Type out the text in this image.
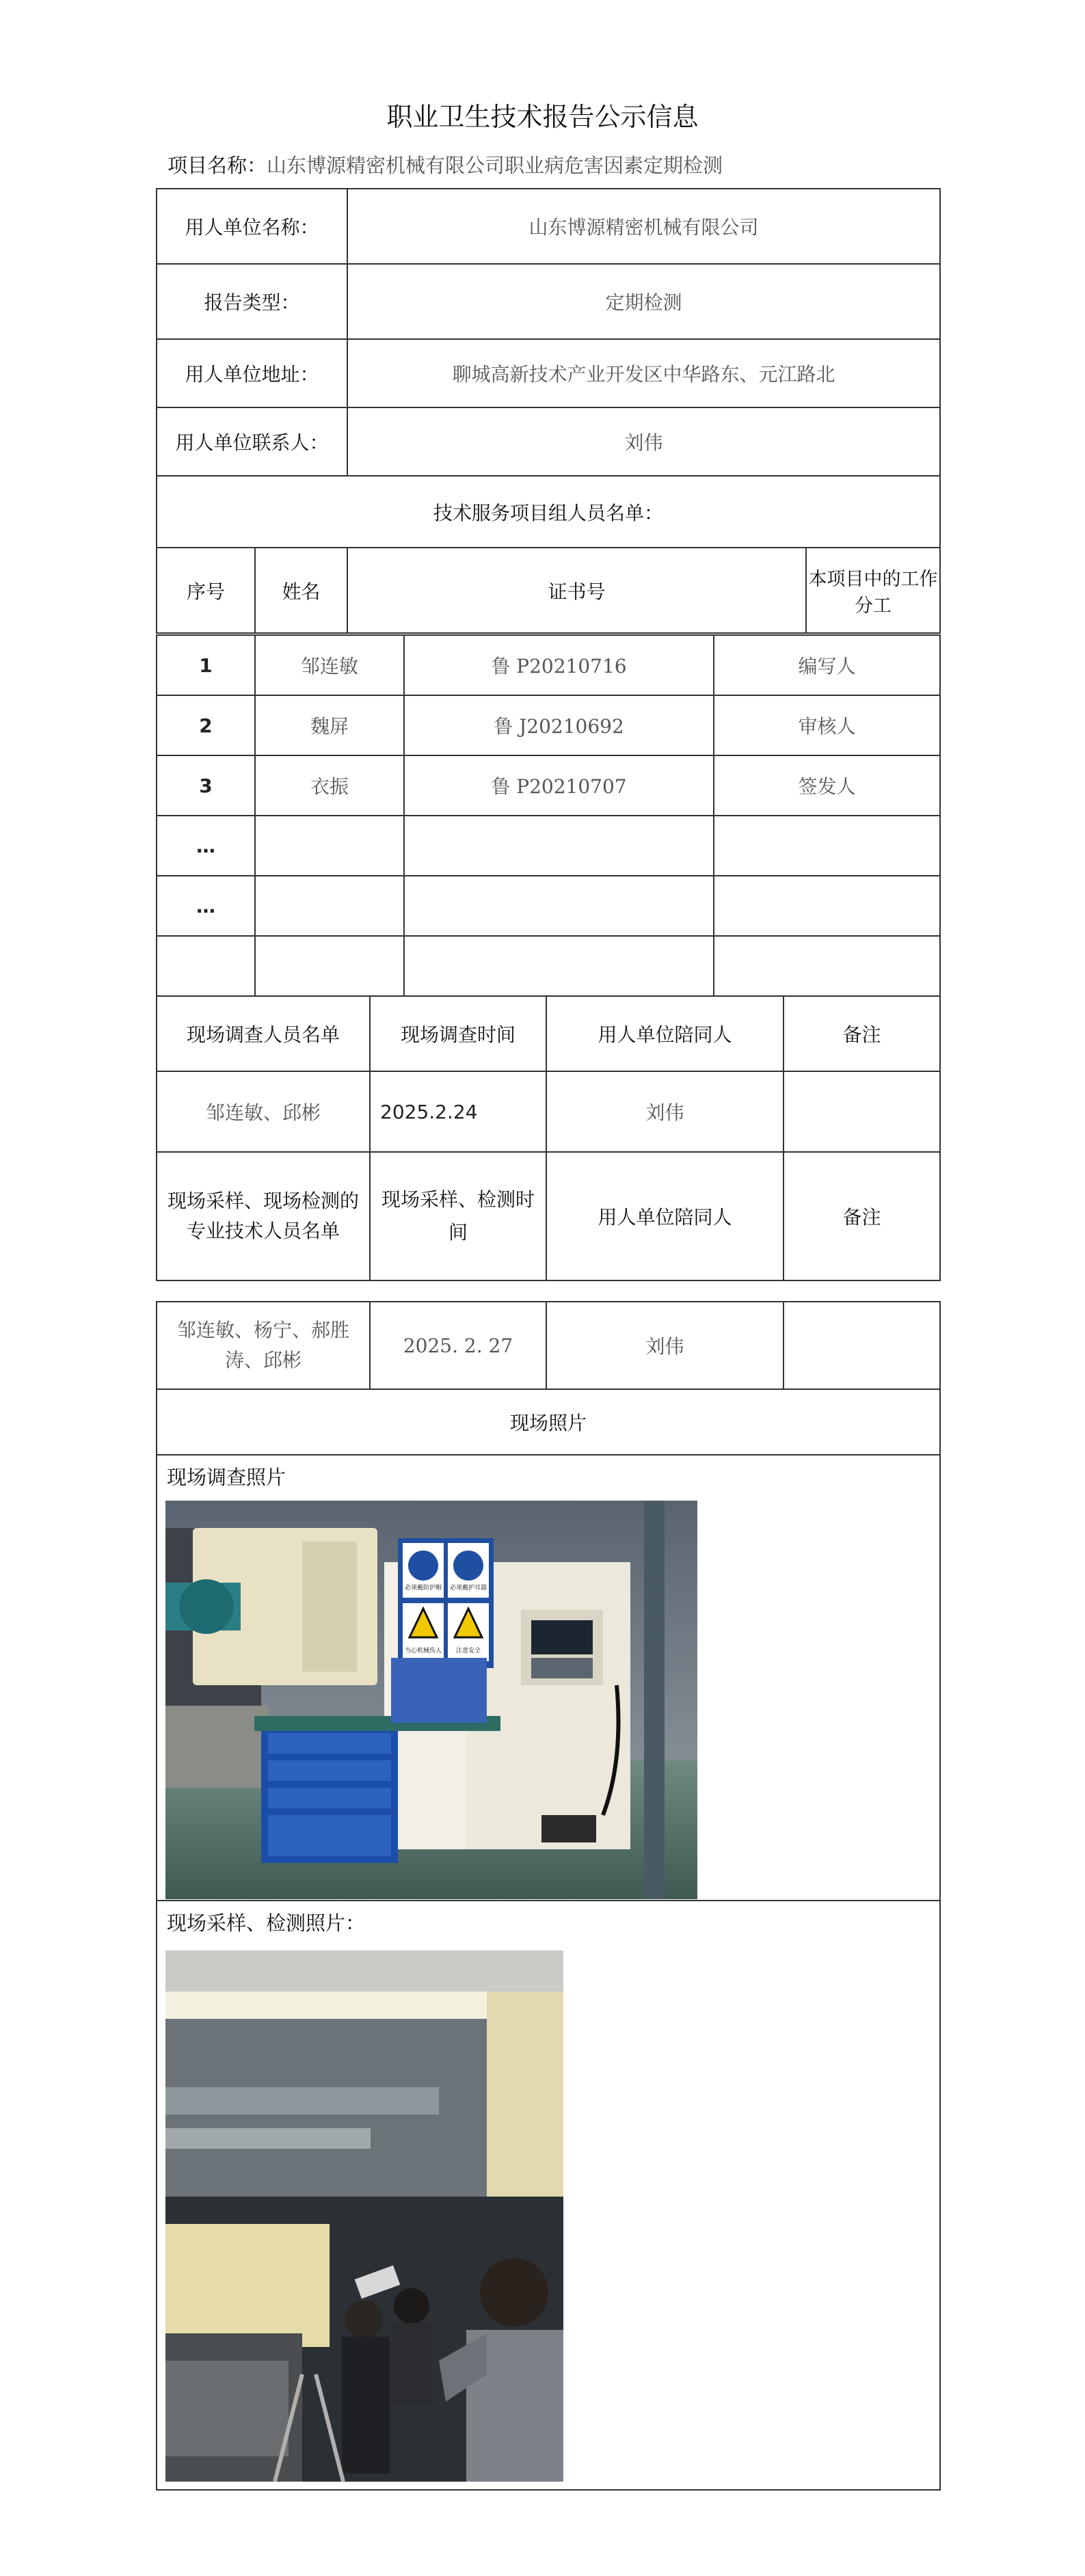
职业卫生技术报告公示信息
项目名称：山东博源精密机械有限公司职业病危害因素定期检测
用人单位名称：		山东博源精密机械有限公司	
报告类型：		定期检测	
用人单位地址：		聊城高新技术产业开发区中华路东、元江路北	
用人单位联系人：		刘伟	
技术服务项目组人员名单：			
序号	姓名	证书号	本项目中的工作分工
1	邹连敏	鲁 P20210716	编写人
2	魏屏	鲁 J20210692	审核人
3	衣振	鲁 P20210707	签发人
…			
…			

现场调查人员名单	现场调查时间	用人单位陪同人	备注
邹连敏、邱彬	2025.2.24	刘伟	
现场采样、现场检测的专业技术人员名单	现场采样、检测时间	用人单位陪同人	备注
邹连敏、杨宁、郝胜涛、邱彬	2025. 2. 27	刘伟	
现场照片

现场调查照片

现场采样、检测照片：
必须戴防护帽 必须戴护耳器
当心机械伤人 注意安全
